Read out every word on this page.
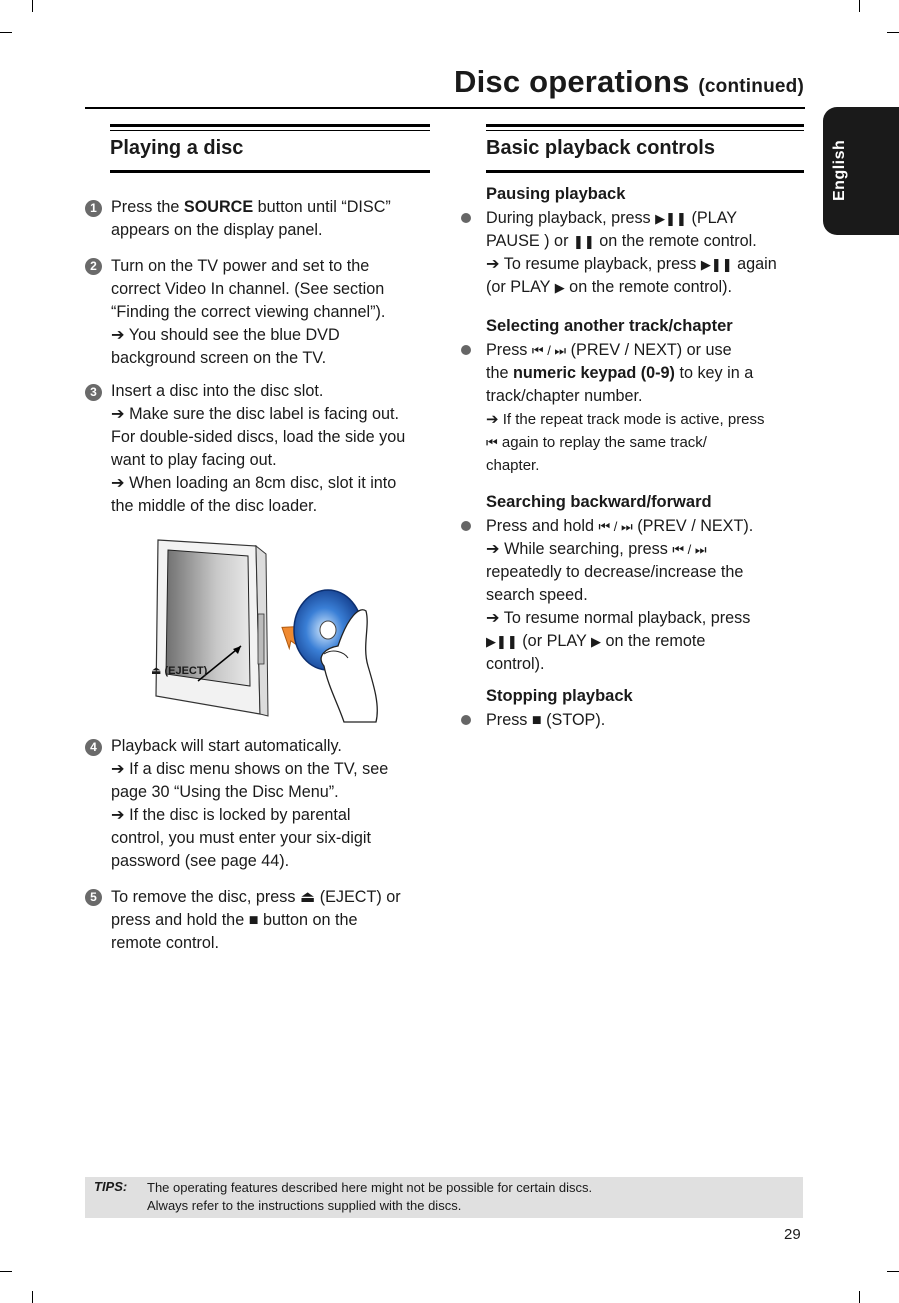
Disc operations (continued)
English
Playing a disc
1 Press the SOURCE button until “DISC”
appears on the display panel.
2 Turn on the TV power and set to the
correct Video In channel. (See section
“Finding the correct viewing channel”).
➔ You should see the blue DVD
background screen on the TV.
3 Insert a disc into the disc slot.
➔ Make sure the disc label is facing out.
For double-sided discs, load the side you
want to play facing out.
➔ When loading an 8cm disc, slot it into
the middle of the disc loader.
⏏ (EJECT)
4 Playback will start automatically.
➔ If a disc menu shows on the TV, see
page 30 “Using the Disc Menu”.
➔ If the disc is locked by parental
control, you must enter your six-digit
password (see page 44).
5 To remove the disc, press ⏏ (EJECT) or
press and hold the ■ button on the
remote control.
Basic playback controls
Pausing playback
During playback, press ▶❚❚ (PLAY
PAUSE ) or ❚❚ on the remote control.
➔ To resume playback, press ▶❚❚ again
(or PLAY ▶ on the remote control).
Selecting another track/chapter
Press ⏮ / ⏭ (PREV / NEXT) or use
the numeric keypad (0-9) to key in a
track/chapter number.
➔ If the repeat track mode is active, press
⏮ again to replay the same track/
chapter.
Searching backward/forward
Press and hold ⏮ / ⏭ (PREV / NEXT).
➔ While searching, press ⏮ / ⏭
repeatedly to decrease/increase the
search speed.
➔ To resume normal playback, press
▶❚❚ (or PLAY ▶ on the remote
control).
Stopping playback
Press ■ (STOP).
TIPS: The operating features described here might not be possible for certain discs.
Always refer to the instructions supplied with the discs.
29
